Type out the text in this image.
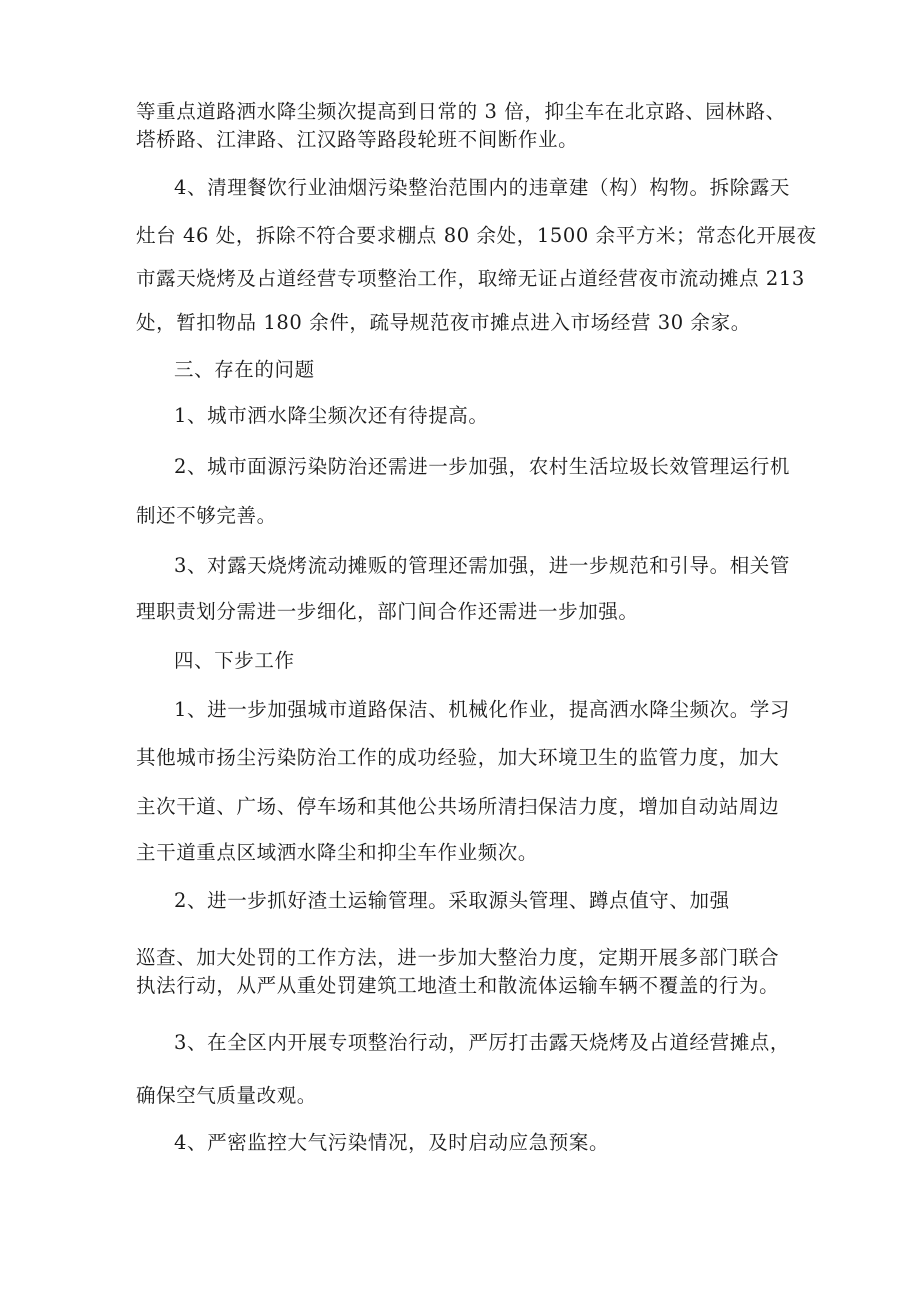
等重点道路洒水降尘频次提高到日常的 3 倍，抑尘车在北京路、园林路、
塔桥路、江津路、江汉路等路段轮班不间断作业。
4、清理餐饮行业油烟污染整治范围内的违章建（构）构物。拆除露天
灶台 46 处，拆除不符合要求棚点 80 余处，1500 余平方米；常态化开展夜
市露天烧烤及占道经营专项整治工作，取缔无证占道经营夜市流动摊点 213
处，暂扣物品 180 余件，疏导规范夜市摊点进入市场经营 30 余家。
三、存在的问题
1、城市洒水降尘频次还有待提高。
2、城市面源污染防治还需进一步加强，农村生活垃圾长效管理运行机
制还不够完善。
3、对露天烧烤流动摊贩的管理还需加强，进一步规范和引导。相关管
理职责划分需进一步细化，部门间合作还需进一步加强。
四、下步工作
1、进一步加强城市道路保洁、机械化作业，提高洒水降尘频次。学习
其他城市扬尘污染防治工作的成功经验，加大环境卫生的监管力度，加大
主次干道、广场、停车场和其他公共场所清扫保洁力度，增加自动站周边
主干道重点区域洒水降尘和抑尘车作业频次。
2、进一步抓好渣土运输管理。采取源头管理、蹲点值守、加强
巡查、加大处罚的工作方法，进一步加大整治力度，定期开展多部门联合
执法行动，从严从重处罚建筑工地渣土和散流体运输车辆不覆盖的行为。
3、在全区内开展专项整治行动，严厉打击露天烧烤及占道经营摊点，
确保空气质量改观。
4、严密监控大气污染情况，及时启动应急预案。
